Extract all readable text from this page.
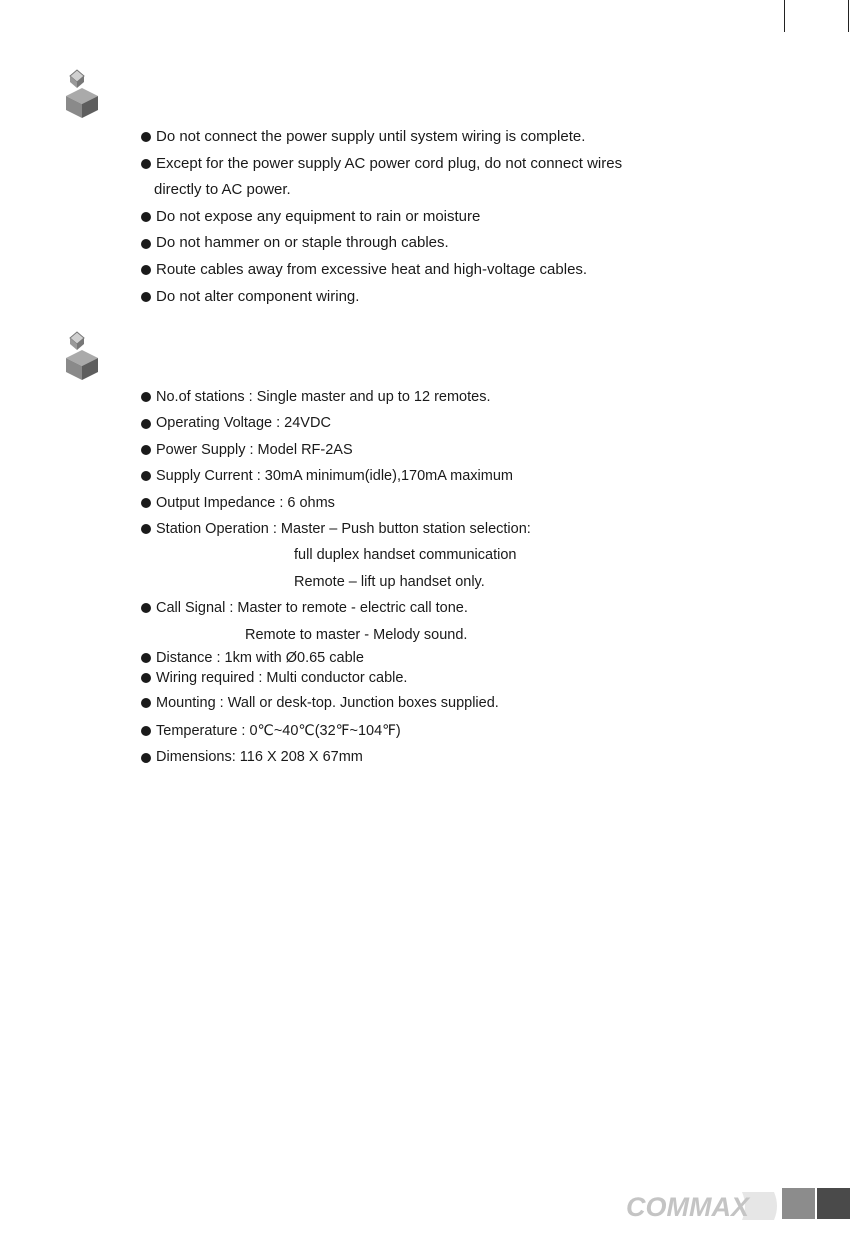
Do not connect the power supply until system wiring is complete.
Except for the power supply AC power cord plug, do not connect wires
directly to AC power.
Do not expose any equipment to rain or moisture
Do not hammer on or staple through cables.
Route cables away from excessive heat and high-voltage cables.
Do not alter component wiring.
No.of stations : Single master and up to 12 remotes.
Operating Voltage : 24VDC
Power Supply : Model RF-2AS
Supply Current : 30mA minimum(idle),170mA maximum
Output Impedance : 6 ohms
Station Operation : Master – Push button station selection:
full duplex handset communication
Remote – lift up handset only.
Call Signal : Master to remote - electric call tone.
Remote to master - Melody sound.
Distance : 1km with Ø0.65 cable
Wiring required : Multi conductor cable.
Mounting : Wall or desk-top. Junction boxes supplied.
Temperature : 0℃~40℃(32℉~104℉)
Dimensions: 116 X 208 X 67mm
COMMAX
